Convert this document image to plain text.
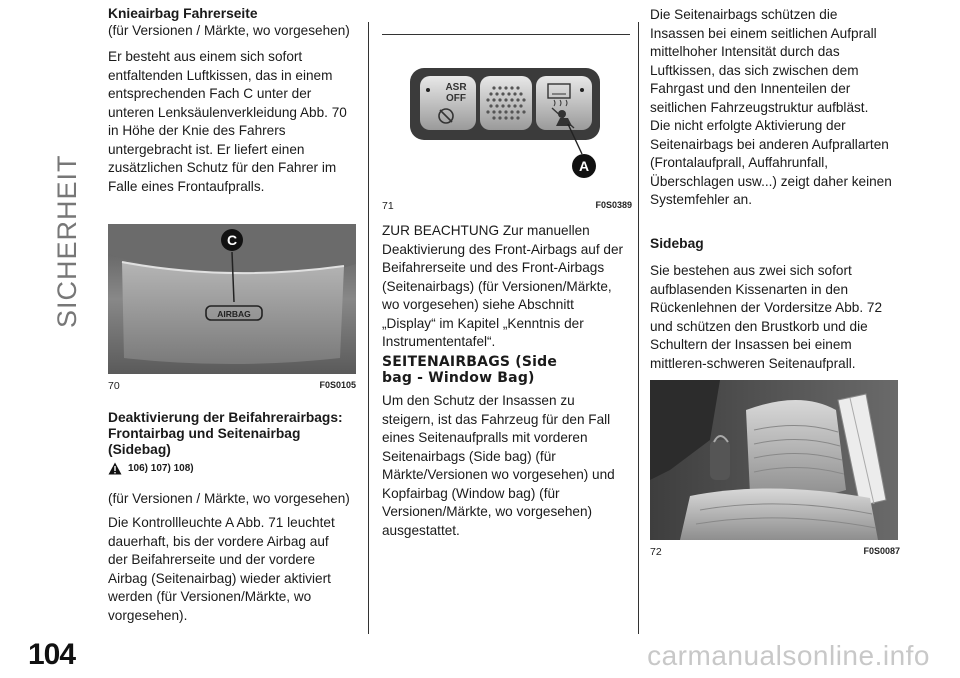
SICHERHEIT
104
Knieairbag Fahrerseite
(für Versionen / Märkte, wo vorgesehen)
Er besteht aus einem sich sofort
entfaltenden Luftkissen, das in einem
entsprechenden Fach C unter der
unteren Lenksäulenverkleidung Abb. 70
in Höhe der Knie des Fahrers
untergebracht ist. Er liefert einen
zusätzlichen Schutz für den Fahrer im
Falle eines Frontaufpralls.
AIRBAG
C
70	F0S0105
Deaktivierung der Beifahrerairbags:
Frontairbag und Seitenairbag
(Sidebag)
106) 107) 108)
(für Versionen / Märkte, wo vorgesehen)
Die Kontrollleuchte A Abb. 71 leuchtet
dauerhaft, bis der vordere Airbag auf
der Beifahrerseite und der vordere
Airbag (Seitenairbag) wieder aktiviert
werden (für Versionen/Märkte, wo
vorgesehen).
ASR
OFF
A
71	F0S0389
ZUR BEACHTUNG Zur manuellen
Deaktivierung des Front-Airbags auf der
Beifahrerseite und des Front-Airbags
(Seitenairbags) (für Versionen/Märkte,
wo vorgesehen) siehe Abschnitt
„Display“ im Kapitel „Kenntnis der
Instrumententafel“.
SEITENAIRBAGS (Side
bag - Window Bag)
Um den Schutz der Insassen zu
steigern, ist das Fahrzeug für den Fall
eines Seitenaufpralls mit vorderen
Seitenairbags (Side bag) (für
Märkte/Versionen wo vorgesehen) und
Kopfairbag (Window bag) (für
Versionen/Märkte, wo vorgesehen)
ausgestattet.
Die Seitenairbags schützen die
Insassen bei einem seitlichen Aufprall
mittelhoher Intensität durch das
Luftkissen, das sich zwischen dem
Fahrgast und den Innenteilen der
seitlichen Fahrzeugstruktur aufbläst.
Die nicht erfolgte Aktivierung der
Seitenairbags bei anderen Aufprallarten
(Frontalaufprall, Auffahrunfall,
Überschlagen usw...) zeigt daher keinen
Systemfehler an.
Sidebag
Sie bestehen aus zwei sich sofort
aufblasenden Kissenarten in den
Rückenlehnen der Vordersitze Abb. 72
und schützen den Brustkorb und die
Schultern der Insassen bei einem
mittleren-schweren Seitenaufprall.
72	F0S0087
carmanualsonline.info
